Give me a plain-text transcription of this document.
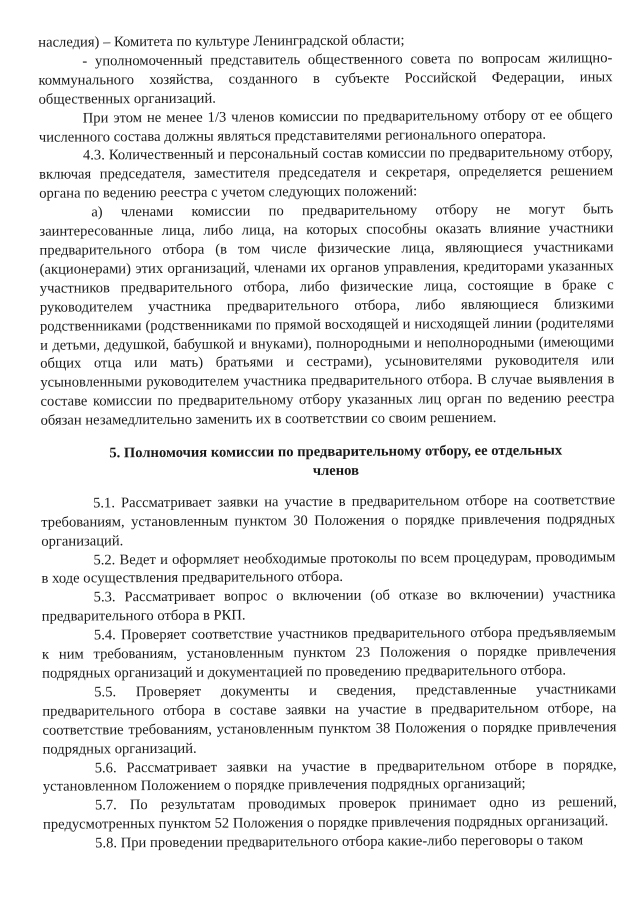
наследия) – Комитета по культуре Ленинградской области;

- уполномоченный представитель общественного совета по вопросам жилищно-коммунального хозяйства, созданного в субъекте Российской Федерации, иных общественных организаций.

При этом не менее 1/3 членов комиссии по предварительному отбору от ее общего численного состава должны являться представителями регионального оператора.

4.3. Количественный и персональный состав комиссии по предварительному отбору, включая председателя, заместителя председателя и секретаря, определяется решением органа по ведению реестра с учетом следующих положений:

а) членами комиссии по предварительному отбору не могут быть заинтересованные лица, либо лица, на которых способны оказать влияние участники предварительного отбора (в том числе физические лица, являющиеся участниками (акционерами) этих организаций, членами их органов управления, кредиторами указанных участников предварительного отбора, либо физические лица, состоящие в браке с руководителем участника предварительного отбора, либо являющиеся близкими родственниками (родственниками по прямой восходящей и нисходящей линии (родителями и детьми, дедушкой, бабушкой и внуками), полнородными и неполнородными (имеющими общих отца или мать) братьями и сестрами), усыновителями руководителя или усыновленными руководителем участника предварительного отбора. В случае выявления в составе комиссии по предварительному отбору указанных лиц орган по ведению реестра обязан незамедлительно заменить их в соответствии со своим решением.

5. Полномочия комиссии по предварительному отбору, ее отдельных членов

5.1. Рассматривает заявки на участие в предварительном отборе на соответствие требованиям, установленным пунктом 30 Положения о порядке привлечения подрядных организаций.

5.2. Ведет и оформляет необходимые протоколы по всем процедурам, проводимым в ходе осуществления предварительного отбора.

5.3. Рассматривает вопрос о включении (об отказе во включении) участника предварительного отбора в РКП.

5.4. Проверяет соответствие участников предварительного отбора предъявляемым к ним требованиям, установленным пунктом 23 Положения о порядке привлечения подрядных организаций и документацией по проведению предварительного отбора.

5.5. Проверяет документы и сведения, представленные участниками предварительного отбора в составе заявки на участие в предварительном отборе, на соответствие требованиям, установленным пунктом 38 Положения о порядке привлечения подрядных организаций.

5.6. Рассматривает заявки на участие в предварительном отборе в порядке, установленном Положением о порядке привлечения подрядных организаций;

5.7. По результатам проводимых проверок принимает одно из решений, предусмотренных пунктом 52 Положения о порядке привлечения подрядных организаций.

5.8. При проведении предварительного отбора какие-либо переговоры о таком
